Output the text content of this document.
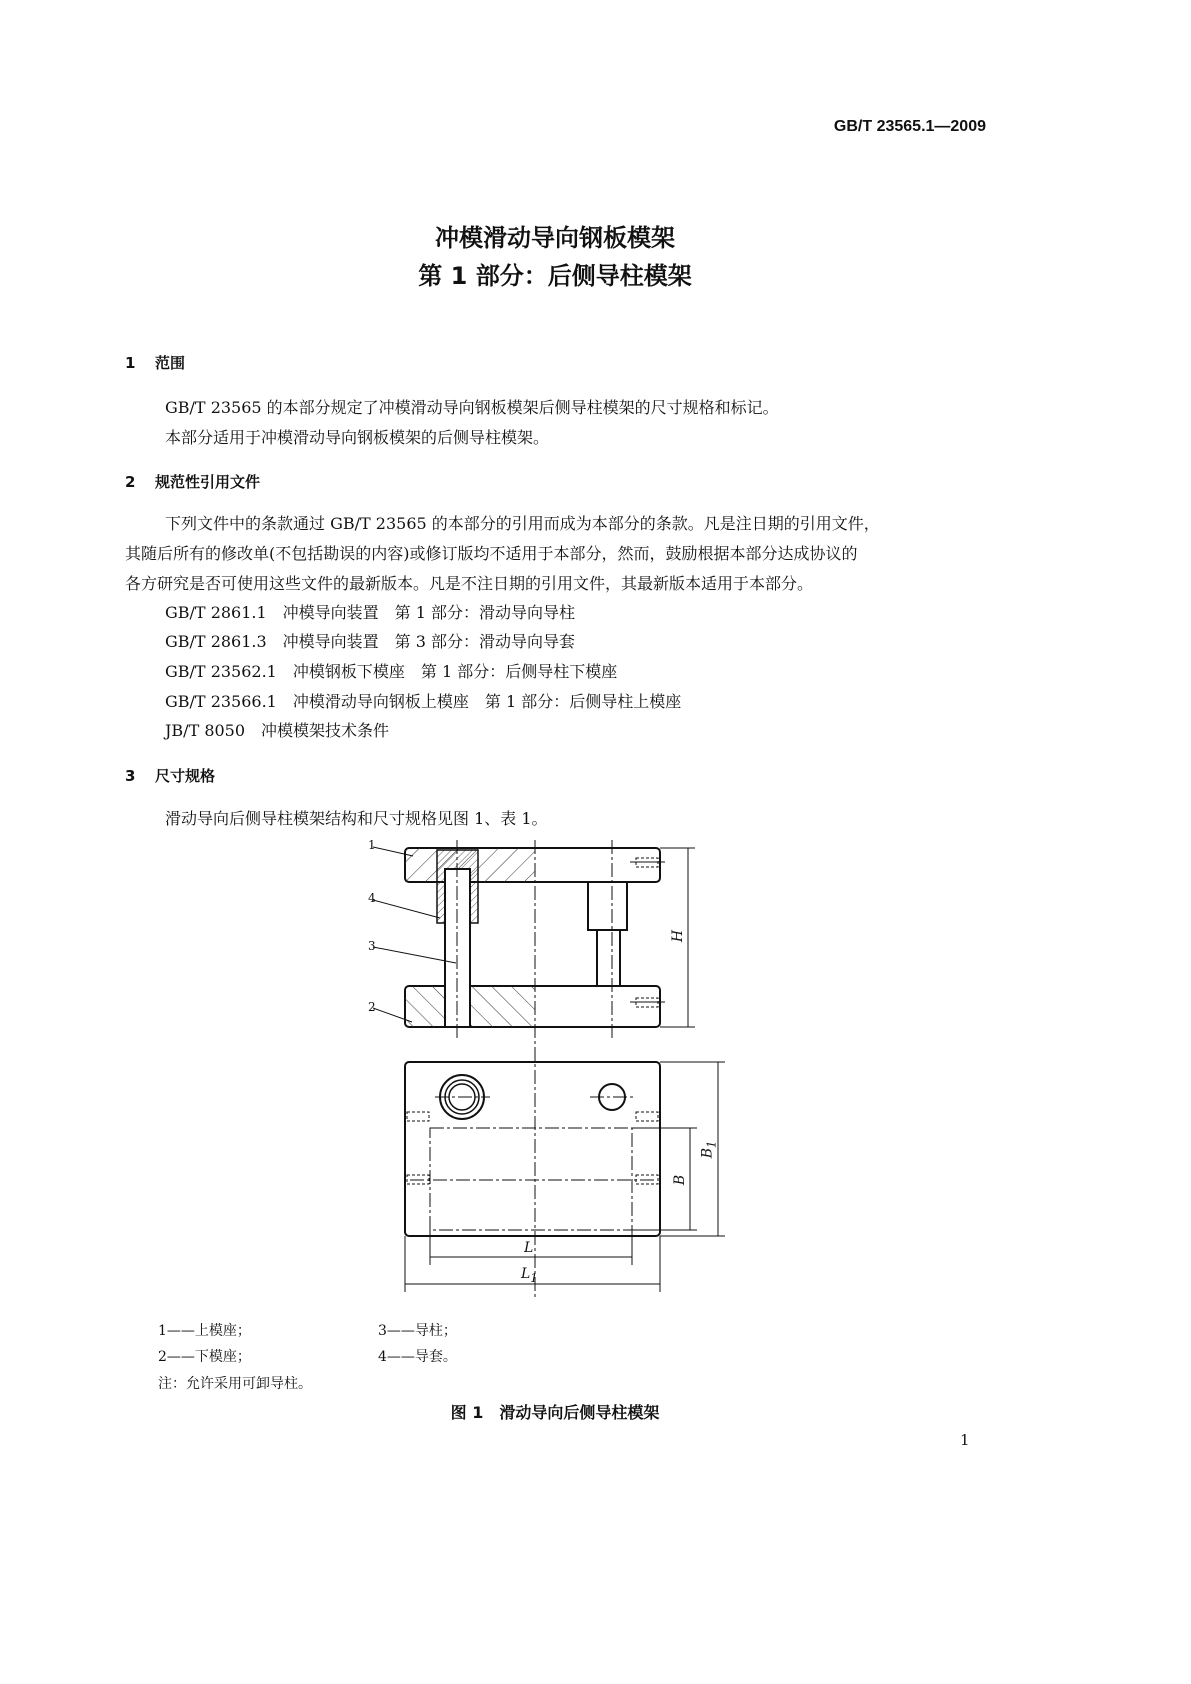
GB/T 23565.1—2009
冲模滑动导向钢板模架
第 1 部分：后侧导柱模架
1 范围
GB/T 23565 的本部分规定了冲模滑动导向钢板模架后侧导柱模架的尺寸规格和标记。
本部分适用于冲模滑动导向钢板模架的后侧导柱模架。
2 规范性引用文件
下列文件中的条款通过 GB/T 23565 的本部分的引用而成为本部分的条款。凡是注日期的引用文件，
其随后所有的修改单(不包括勘误的内容)或修订版均不适用于本部分，然而，鼓励根据本部分达成协议的
各方研究是否可使用这些文件的最新版本。凡是不注日期的引用文件，其最新版本适用于本部分。
GB/T 2861.1　冲模导向装置　第 1 部分：滑动导向导柱
GB/T 2861.3　冲模导向装置　第 3 部分：滑动导向导套
GB/T 23562.1　冲模钢板下模座　第 1 部分：后侧导柱下模座
GB/T 23566.1　冲模滑动导向钢板上模座　第 1 部分：后侧导柱上模座
JB/T 8050　冲模模架技术条件
3 尺寸规格
滑动导向后侧导柱模架结构和尺寸规格见图 1、表 1。
1
2
3
4
H
B
$B_1$
L
$L_1$
1——上模座；
2——下模座；
3——导柱；
4——导套。
注：允许采用可卸导柱。
图 1　滑动导向后侧导柱模架
1
